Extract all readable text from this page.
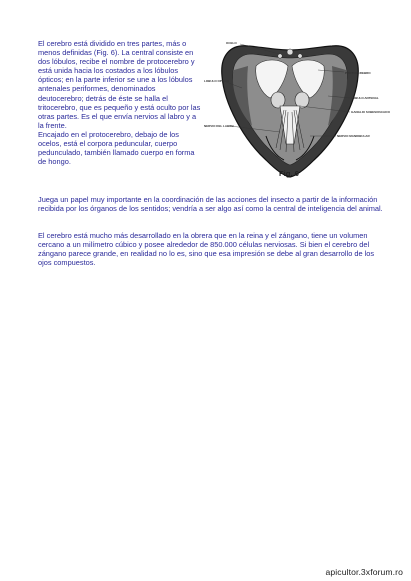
El cerebro está dividido en tres partes, más o menos definidas (Fig. 6). La central consiste en dos lóbulos, recibe el nombre de protocerebro y está unida hacia los costados a los lóbulos ópticos; en la parte inferior se une a los lóbulos antenales periformes, denominados deutocerebro; detrás de éste se halla el tritocerebro, que es pequeño y está oculto por las otras partes. Es el que envía nervios al labro y a la frente.

Encajado en el protocerebro, debajo de los ocelos, está el corpora peduncular, cuerpo pedunculado, también llamado cuerpo en forma de hongo.

OCELO
PROTOCEREBRO
LOBULO OPTICO
LOBULO ANTENAL
GANGLIO SUBESOFAGICO
NERVIO DEL LABRO
NERVIO MANDIBULAR
Fig. 6

Juega un papel muy importante en la coordinación de las acciones del insecto a partir de la información recibida por los órganos de los sentidos; vendría a ser algo así como la central de inteligencia del animal.

El cerebro está mucho más desarrollado en la obrera que en la reina y el zángano, tiene un volumen cercano a un milímetro cúbico y posee alrededor de 850.000 células nerviosas. Si bien el cerebro del zángano parece grande, en realidad no lo es, sino que esa impresión se debe al gran desarrollo de los ojos compuestos.

apicultor.3xforum.ro
